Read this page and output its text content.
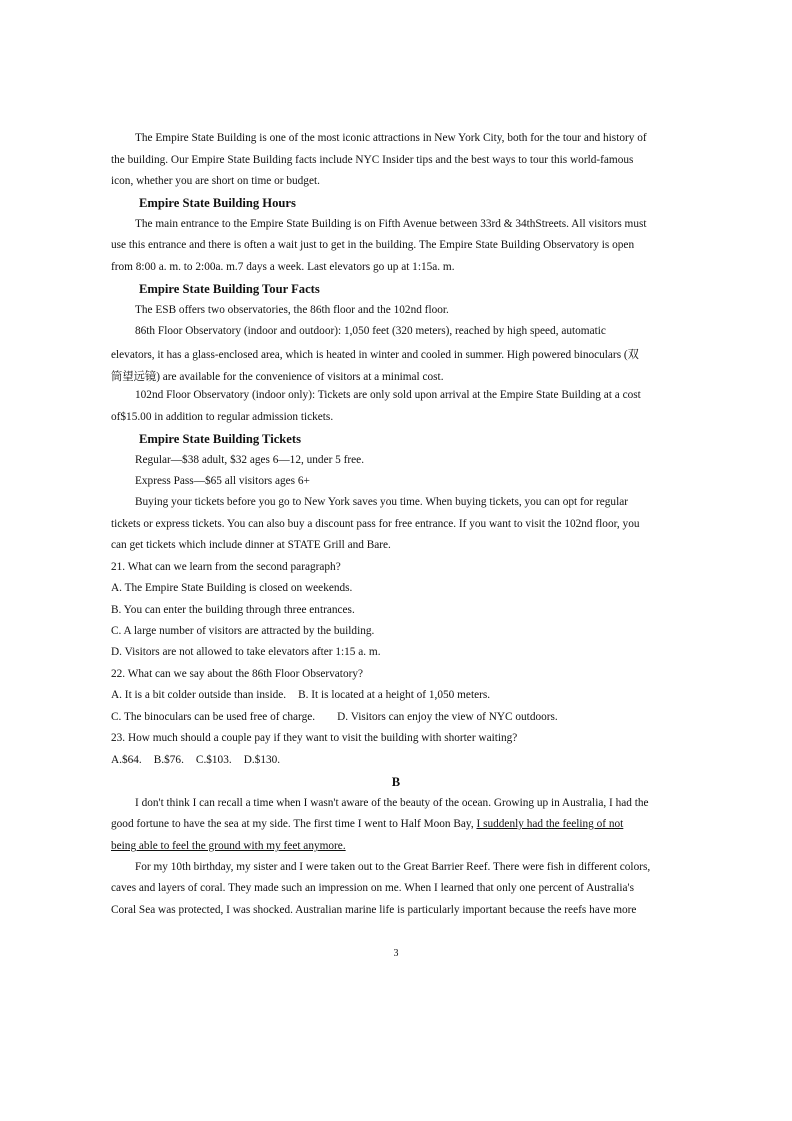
The Empire State Building is one of the most iconic attractions in New York City, both for the tour and history of
the building. Our Empire State Building facts include NYC Insider tips and the best ways to tour this world-famous
icon, whether you are short on time or budget.
Empire State Building Hours
The main entrance to the Empire State Building is on Fifth Avenue between 33rd & 34thStreets. All visitors must
use this entrance and there is often a wait just to get in the building. The Empire State Building Observatory is open
from 8:00 a. m. to 2:00a. m.7 days a week. Last elevators go up at 1:15a. m.
Empire State Building Tour Facts
The ESB offers two observatories, the 86th floor and the 102nd floor.
86th Floor Observatory (indoor and outdoor): 1,050 feet (320 meters), reached by high speed, automatic
elevators, it has a glass-enclosed area, which is heated in winter and cooled in summer. High powered binoculars (双
筒望远镜) are available for the convenience of visitors at a minimal cost.
102nd Floor Observatory (indoor only): Tickets are only sold upon arrival at the Empire State Building at a cost
of$15.00 in addition to regular admission tickets.
Empire State Building Tickets
Regular—$38 adult, $32 ages 6—12, under 5 free.
Express Pass—$65 all visitors ages 6+
Buying your tickets before you go to New York saves you time. When buying tickets, you can opt for regular
tickets or express tickets. You can also buy a discount pass for free entrance. If you want to visit the 102nd floor, you
can get tickets which include dinner at STATE Grill and Bare.
21. What can we learn from the second paragraph?
A. The Empire State Building is closed on weekends.
B. You can enter the building through three entrances.
C. A large number of visitors are attracted by the building.
D. Visitors are not allowed to take elevators after 1:15 a. m.
22. What can we say about the 86th Floor Observatory?
A. It is a bit colder outside than inside. B. It is located at a height of 1,050 meters.
C. The binoculars can be used free of charge. D. Visitors can enjoy the view of NYC outdoors.
23. How much should a couple pay if they want to visit the building with shorter waiting?
A.$64. B.$76. C.$103. D.$130.
B
I don't think I can recall a time when I wasn't aware of the beauty of the ocean. Growing up in Australia, I had the
good fortune to have the sea at my side. The first time I went to Half Moon Bay, I suddenly had the feeling of not
being able to feel the ground with my feet anymore.
For my 10th birthday, my sister and I were taken out to the Great Barrier Reef. There were fish in different colors,
caves and layers of coral. They made such an impression on me. When I learned that only one percent of Australia's
Coral Sea was protected, I was shocked. Australian marine life is particularly important because the reefs have more
3
